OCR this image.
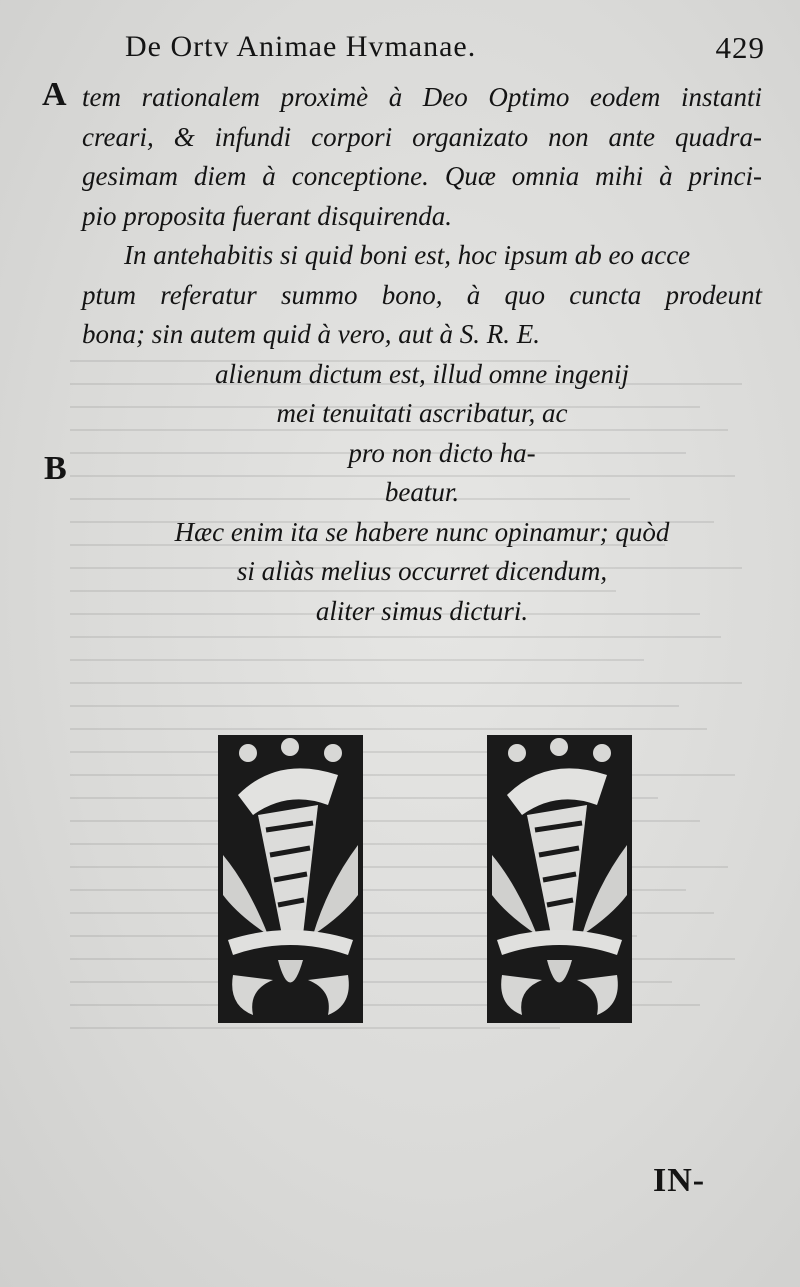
De Ortv Animae Hvmanae.	429
A
B
tem rationalem proximè à Deo Optimo eodem instanti
creari, & infundi corpori organizato non ante quadra-
gesimam diem à conceptione. Quæ omnia mihi à princi-
pio proposita fuerant disquirenda.
In antehabitis si quid boni est, hoc ipsum ab eo acce
ptum referatur summo bono, à quo cuncta prodeunt
bona; sin autem quid à vero, aut à S. R. E.
alienum dictum est, illud omne ingenij
mei tenuitati ascribatur, ac
pro non dicto ha-
beatur.
Hæc enim ita se habere nunc opinamur; quòd
si aliàs melius occurret dicendum,
aliter simus dicturi.
IN-
